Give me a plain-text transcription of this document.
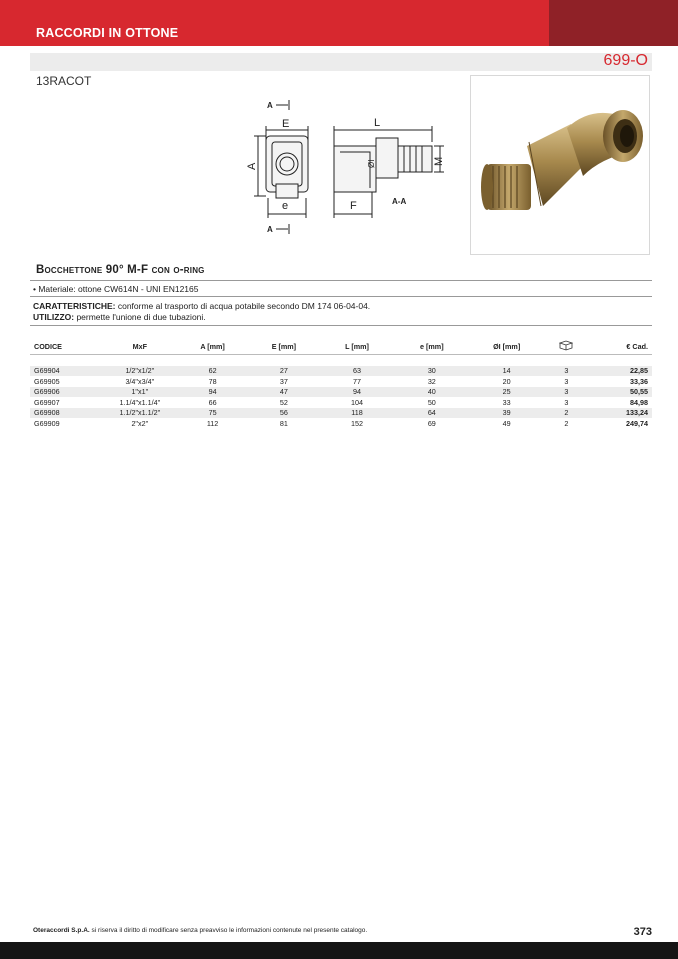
RACCORDI IN OTTONE
699-O
13RACOT
A
E
A
e
A
L
ØI	M
F	A-A
Bocchettone 90° M-F con o-ring
• Materiale: ottone CW614N - UNI EN12165
CARATTERISTICHE: conforme al trasporto di acqua potabile secondo DM 174 06-04-04.
UTILIZZO: permette l'unione di due tubazioni.
CODICE	MxF	A [mm]	E [mm]	L [mm]	e [mm]	ØI [mm]		€ Cad.

G69904	1/2"x1/2"	62	27	63	30	14	3	22,85
G69905	3/4"x3/4"	78	37	77	32	20	3	33,36
G69906	1"x1"	94	47	94	40	25	3	50,55
G69907	1.1/4"x1.1/4"	66	52	104	50	33	3	84,98
G69908	1.1/2"x1.1/2"	75	56	118	64	39	2	133,24
G69909	2"x2"	112	81	152	69	49	2	249,74
Oteraccordi S.p.A. si riserva il diritto di modificare senza preavviso le informazioni contenute nel presente catalogo.	373
